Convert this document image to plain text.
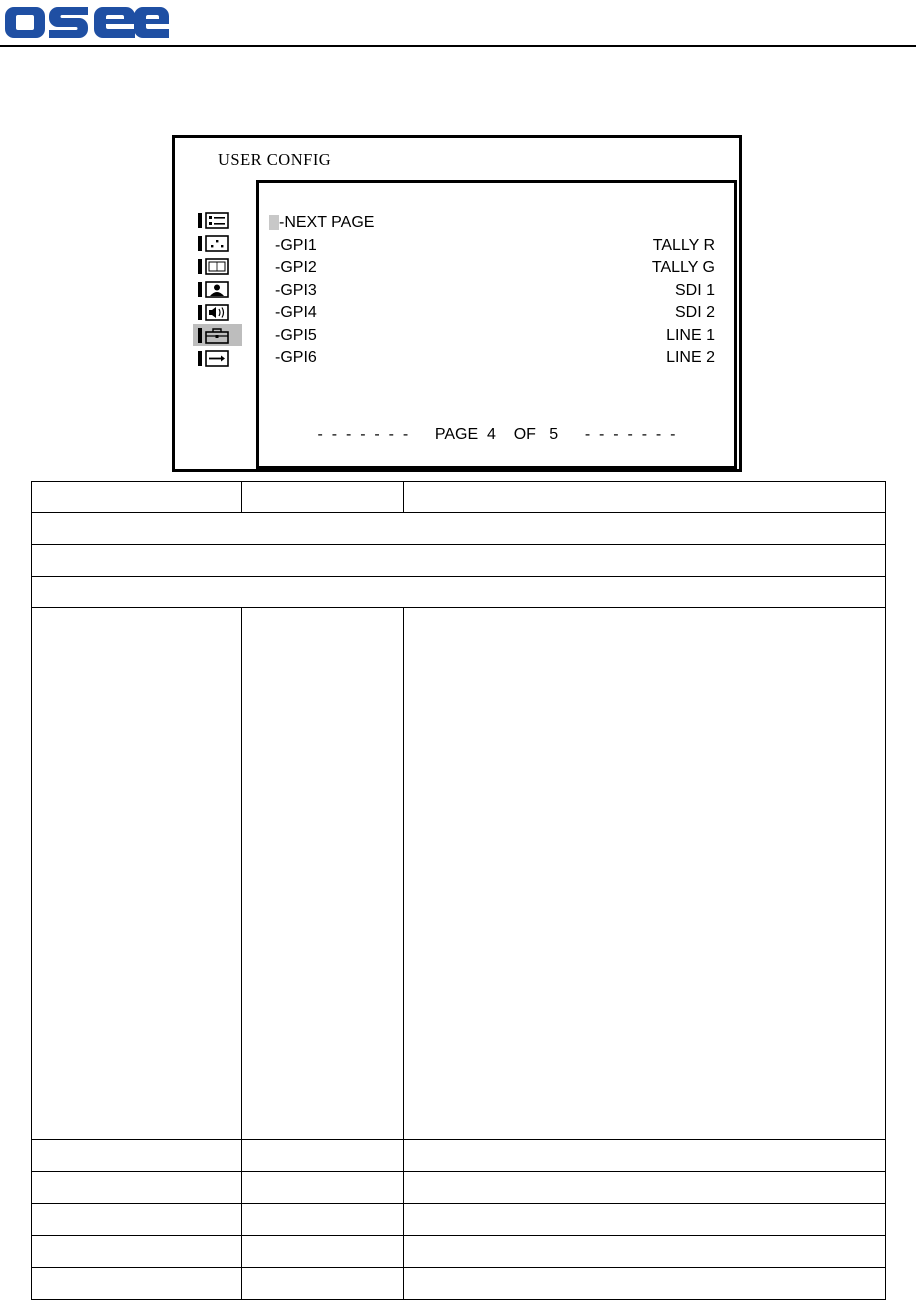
USER CONFIG
-NEXT PAGE
-GPI1	TALLY R
-GPI2	TALLY G
-GPI3	SDI 1
-GPI4	SDI 2
-GPI5	LINE 1
-GPI6	LINE 2
-  -  -  -  -  -  -      PAGE  4    OF   5      -  -  -  -  -  -  -
